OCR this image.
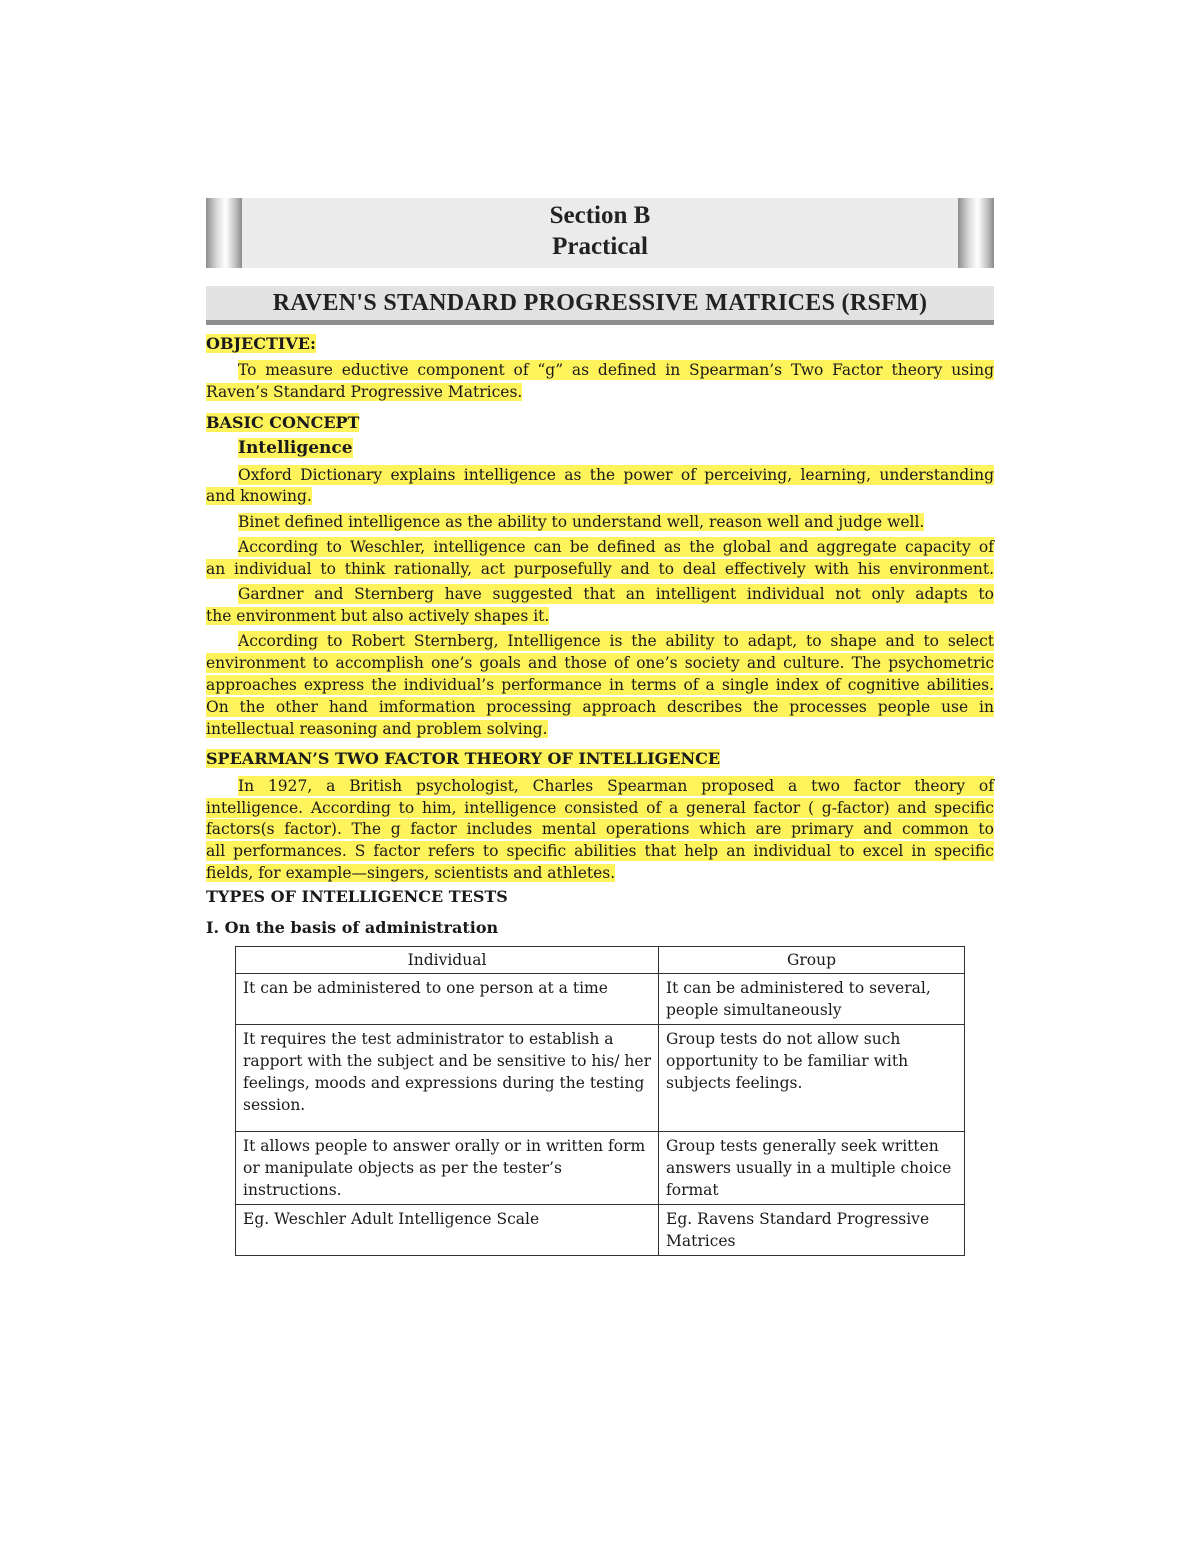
Section B
Practical
RAVEN'S STANDARD PROGRESSIVE MATRICES (RSFM)
OBJECTIVE:
To measure eductive component of “g” as defined in Spearman’s Two Factor theory using
Raven’s Standard Progressive Matrices.
BASIC CONCEPT
Intelligence
Oxford Dictionary explains intelligence as the power of perceiving, learning, understanding
and knowing.
Binet defined intelligence as the ability to understand well, reason well and judge well.
According to Weschler, intelligence can be defined as the global and aggregate capacity of
an individual to think rationally, act purposefully and to deal effectively with his environment.
Gardner and Sternberg have suggested that an intelligent individual not only adapts to
the environment but also actively shapes it.
According to Robert Sternberg, Intelligence is the ability to adapt, to shape and to select
environment to accomplish one’s goals and those of one’s society and culture. The psychometric
approaches express the individual’s performance in terms of a single index of cognitive abilities.
On the other hand imformation processing approach describes the processes people use in
intellectual reasoning and problem solving.
SPEARMAN’S TWO FACTOR THEORY OF INTELLIGENCE
In 1927, a British psychologist, Charles Spearman proposed a two factor theory of
intelligence. According to him, intelligence consisted of a general factor ( g-factor) and specific
factors(s factor). The g factor includes mental operations which are primary and common to
all performances. S factor refers to specific abilities that help an individual to excel in specific
fields, for example—singers, scientists and athletes.
TYPES OF INTELLIGENCE TESTS
I. On the basis of administration
Individual	Group
It can be administered to one person at a time	It can be administered to several, people simultaneously
It requires the test administrator to establish a rapport with the subject and be sensitive to his/ her feelings, moods and expressions during the testing session.	Group tests do not allow such opportunity to be familiar with subjects feelings.
It allows people to answer orally or in written form or manipulate objects as per the tester’s instructions.	Group tests generally seek written answers usually in a multiple choice format
Eg. Weschler Adult Intelligence Scale	Eg. Ravens Standard Progressive Matrices
